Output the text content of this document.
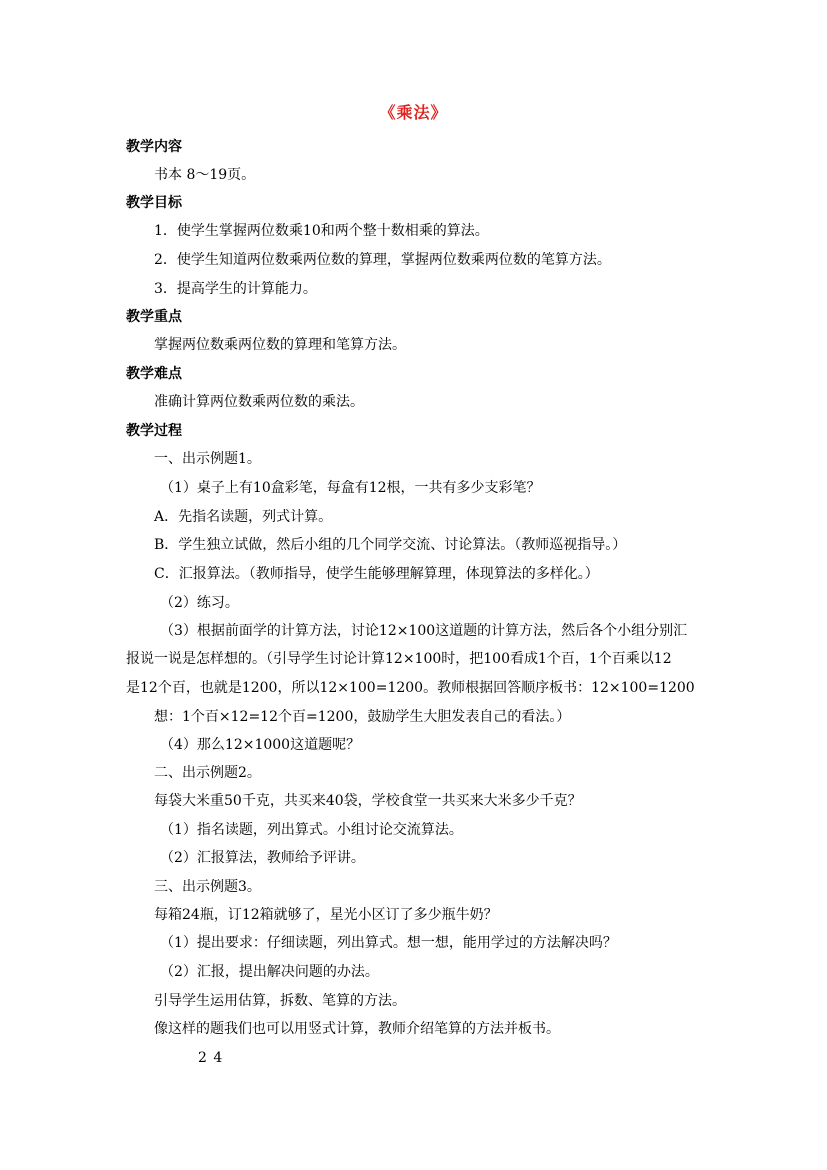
《乘法》
教学内容
书本 8～19页。
教学目标
1．使学生掌握两位数乘10和两个整十数相乘的算法。
2．使学生知道两位数乘两位数的算理，掌握两位数乘两位数的笔算方法。
3．提高学生的计算能力。
教学重点
掌握两位数乘两位数的算理和笔算方法。
教学难点
准确计算两位数乘两位数的乘法。
教学过程
一、出示例题1。
（1）桌子上有10盒彩笔，每盒有12根，一共有多少支彩笔？
A．先指名读题，列式计算。
B．学生独立试做，然后小组的几个同学交流、讨论算法。（教师巡视指导。）
C．汇报算法。（教师指导，使学生能够理解算理，体现算法的多样化。）
（2）练习。
（3）根据前面学的计算方法，讨论12×100这道题的计算方法，然后各个小组分别汇
报说一说是怎样想的。（引导学生讨论计算12×100时，把100看成1个百，1个百乘以12
是12个百，也就是1200，所以12×100=1200。教师根据回答顺序板书：12×100=1200
想：1个百×12=12个百=1200，鼓励学生大胆发表自己的看法。）
（4）那么12×1000这道题呢？
二、出示例题2。
每袋大米重50千克，共买来40袋，学校食堂一共买来大米多少千克？
（1）指名读题，列出算式。小组讨论交流算法。
（2）汇报算法，教师给予评讲。
三、出示例题3。
每箱24瓶，订12箱就够了，星光小区订了多少瓶牛奶？
（1）提出要求：仔细读题，列出算式。想一想，能用学过的方法解决吗？
（2）汇报，提出解决问题的办法。
引导学生运用估算，拆数、笔算的方法。
像这样的题我们也可以用竖式计算，教师介绍笔算的方法并板书。
2 4
